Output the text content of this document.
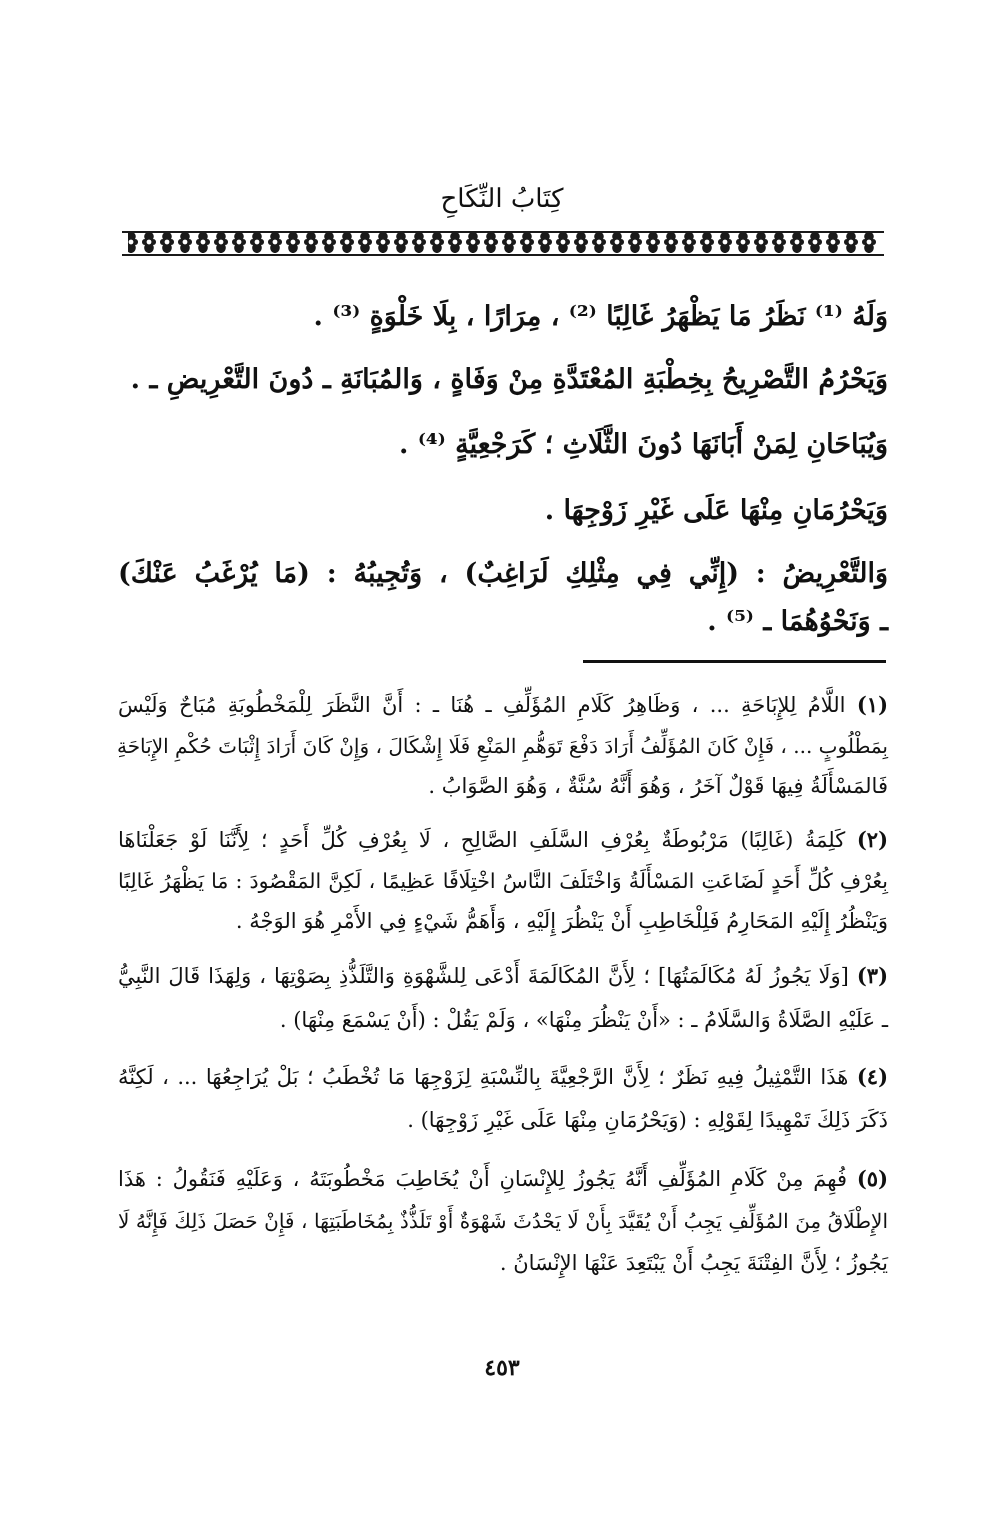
كِتَابُ النِّكَاحِ
وَلَهُ ⁽¹⁾ نَظَرُ مَا يَظْهَرُ غَالِبًا ⁽²⁾ ، مِرَارًا ، بِلَا خَلْوَةٍ ⁽³⁾ .
وَيَحْرُمُ التَّصْرِيحُ بِخِطْبَةِ المُعْتَدَّةِ مِنْ وَفَاةٍ ، وَالمُبَانَةِ ـ دُونَ التَّعْرِيضِ ـ .
وَيُبَاحَانِ لِمَنْ أَبَانَهَا دُونَ الثَّلَاثِ ؛ كَرَجْعِيَّةٍ ⁽⁴⁾ .
وَيَحْرُمَانِ مِنْهَا عَلَى غَيْرِ زَوْجِهَا .
وَالتَّعْرِيضُ : (إِنِّي فِي مِثْلِكِ لَرَاغِبٌ) ، وَتُجِيبُهُ : (مَا يُرْغَبُ عَنْكَ)
ـ وَنَحْوُهُمَا ـ ⁽⁵⁾ .
(١) اللَّامُ لِلإِبَاحَةِ ... ، وَظَاهِرُ كَلَامِ المُؤَلِّفِ ـ هُنَا ـ : أَنَّ النَّظَرَ لِلْمَخْطُوبَةِ مُبَاحٌ وَلَيْسَ
بِمَطْلُوبٍ ... ، فَإِنْ كَانَ المُؤَلِّفُ أَرَادَ دَفْعَ تَوَهُّمِ المَنْعِ فَلَا إِشْكَالَ ، وَإِنْ كَانَ أَرَادَ إِثْبَاتَ حُكْمِ الإِبَاحَةِ
فَالمَسْأَلَةُ فِيهَا قَوْلٌ آخَرُ ، وَهُوَ أَنَّهُ سُنَّةٌ ، وَهُوَ الصَّوَابُ .
(٢) كَلِمَةُ (غَالِبًا) مَرْبُوطَةٌ بِعُرْفِ السَّلَفِ الصَّالِحِ ، لَا بِعُرْفِ كُلِّ أَحَدٍ ؛ لِأَنَّنَا لَوْ جَعَلْنَاهَا
بِعُرْفِ كُلِّ أَحَدٍ لَضَاعَتِ المَسْأَلَةُ وَاخْتَلَفَ النَّاسُ اخْتِلَافًا عَظِيمًا ، لَكِنَّ المَقْصُودَ : مَا يَظْهَرُ غَالِبًا
وَيَنْظُرُ إِلَيْهِ المَحَارِمُ فَلِلْخَاطِبِ أَنْ يَنْظُرَ إِلَيْهِ ، وَأَهَمُّ شَيْءٍ فِي الأَمْرِ هُوَ الوَجْهُ .
(٣) [وَلَا يَجُوزُ لَهُ مُكَالَمَتُهَا] ؛ لِأَنَّ المُكَالَمَةَ أَدْعَى لِلشَّهْوَةِ وَالتَّلَذُّذِ بِصَوْتِهَا ، وَلِهَذَا قَالَ النَّبِيُّ
ـ عَلَيْهِ الصَّلَاةُ وَالسَّلَامُ ـ : «أَنْ يَنْظُرَ مِنْهَا» ، وَلَمْ يَقُلْ : (أَنْ يَسْمَعَ مِنْهَا) .
(٤) هَذَا التَّمْثِيلُ فِيهِ نَظَرٌ ؛ لِأَنَّ الرَّجْعِيَّةَ بِالنِّسْبَةِ لِزَوْجِهَا مَا تُخْطَبُ ؛ بَلْ يُرَاجِعُهَا ... ، لَكِنَّهُ
ذَكَرَ ذَلِكَ تَمْهِيدًا لِقَوْلِهِ : (وَيَحْرُمَانِ مِنْهَا عَلَى غَيْرِ زَوْجِهَا) .
(٥) فُهِمَ مِنْ كَلَامِ المُؤَلِّفِ أَنَّهُ يَجُوزُ لِلإِنْسَانِ أَنْ يُخَاطِبَ مَخْطُوبَتَهُ ، وَعَلَيْهِ فَنَقُولُ : هَذَا
الإِطْلَاقُ مِنَ المُؤَلِّفِ يَجِبُ أَنْ يُقَيَّدَ بِأَنْ لَا يَحْدُثَ شَهْوَةٌ أَوْ تَلَذُّذٌ بِمُخَاطَبَتِهَا ، فَإِنْ حَصَلَ ذَلِكَ فَإِنَّهُ لَا
يَجُوزُ ؛ لِأَنَّ الفِتْنَةَ يَجِبُ أَنْ يَبْتَعِدَ عَنْهَا الإِنْسَانُ .
٤٥٣
